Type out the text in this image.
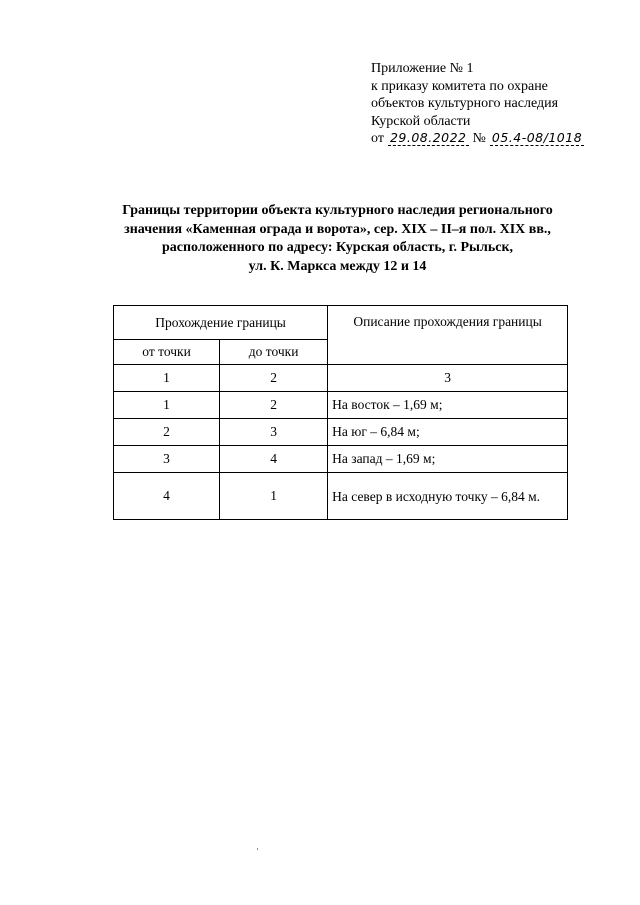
Приложение № 1
к приказу комитета по охране
объектов культурного наследия
Курской области
от 29.08.2022 № 05.4-08/1018
Границы территории объекта культурного наследия регионального
значения «Каменная ограда и ворота», сер. XIX – II–я пол. XIX вв.,
расположенного по адресу: Курская область, г. Рыльск,
ул. К. Маркса между 12 и 14
Прохождение границы		Описание прохождения границы
от точки	до точки	
1	2	3
1	2	На восток – 1,69 м;
2	3	На юг – 6,84 м;
3	4	На запад – 1,69 м;
4	1	На север в исходную точку – 6,84 м.
